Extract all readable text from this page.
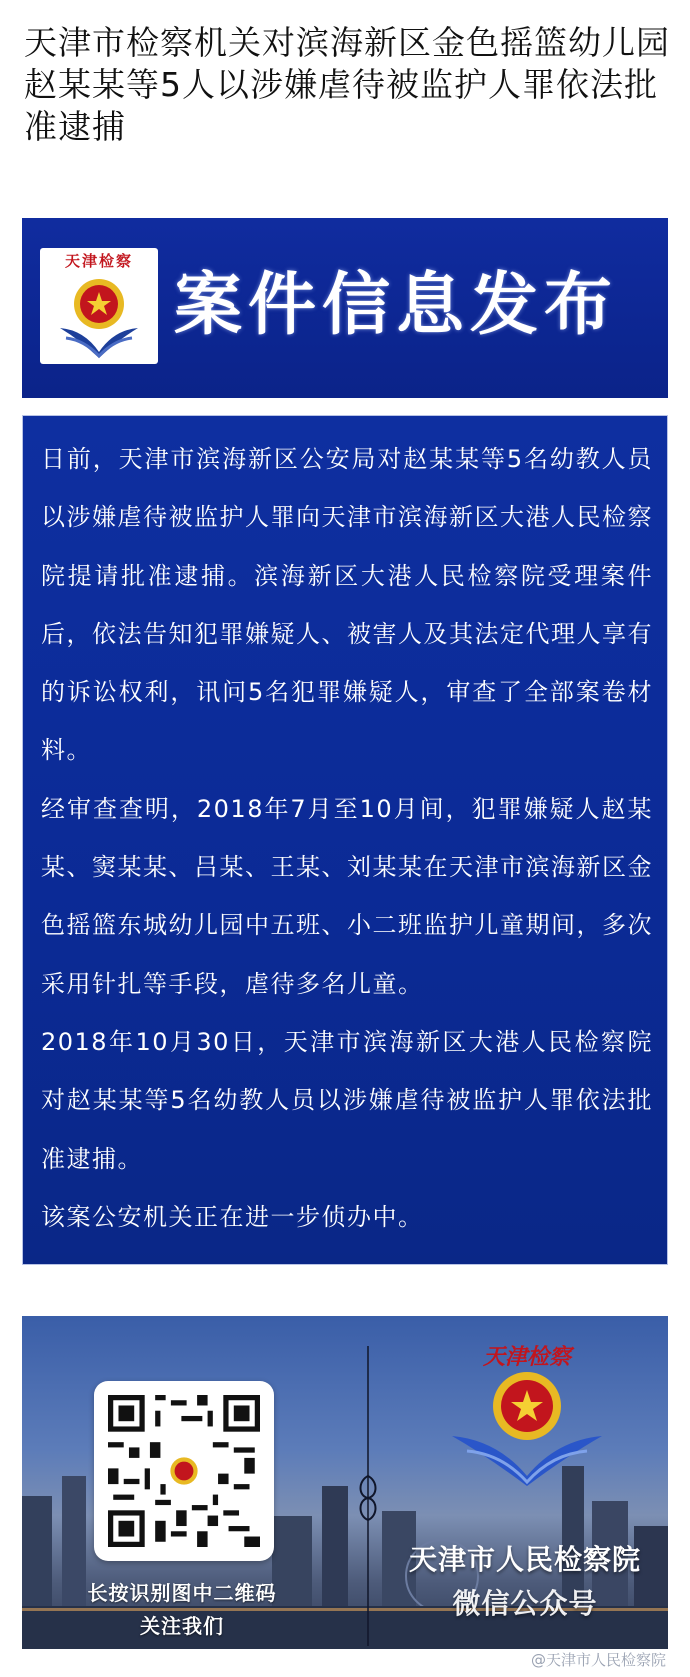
天津市检察机关对滨海新区金色摇篮幼儿园赵某某等5人以涉嫌虐待被监护人罪依法批准逮捕
天津检察
案件信息发布

日前，天津市滨海新区公安局对赵某某等5名幼教人员以涉嫌虐待被监护人罪向天津市滨海新区大港人民检察院提请批准逮捕。滨海新区大港人民检察院受理案件后，依法告知犯罪嫌疑人、被害人及其法定代理人享有的诉讼权利，讯问5名犯罪嫌疑人，审查了全部案卷材料。

经审查查明，2018年7月至10月间，犯罪嫌疑人赵某某、窦某某、吕某、王某、刘某某在天津市滨海新区金色摇篮东城幼儿园中五班、小二班监护儿童期间，多次采用针扎等手段，虐待多名儿童。

2018年10月30日，天津市滨海新区大港人民检察院对赵某某等5名幼教人员以涉嫌虐待被监护人罪依法批准逮捕。

该案公安机关正在进一步侦办中。

长按识别图中二维码
关注我们
天津检察
天津市人民检察院
微信公众号
@天津市人民检察院
